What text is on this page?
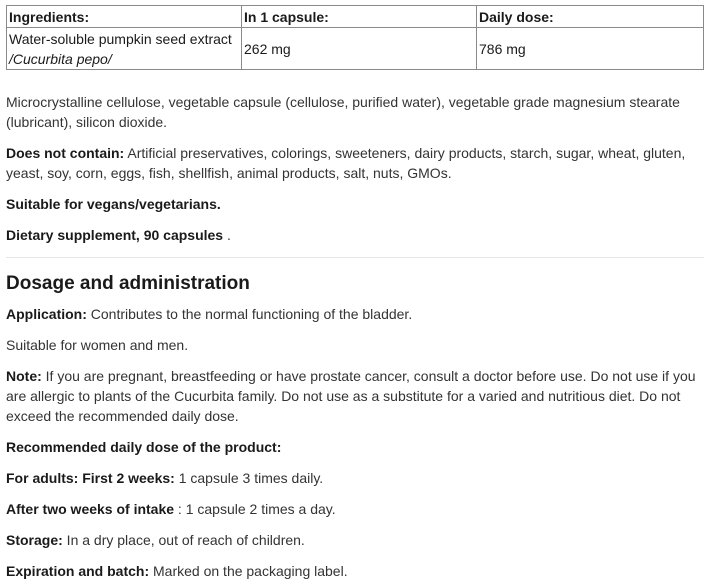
Ingredients:	In 1 capsule:	Daily dose:
Water-soluble pumpkin seed extract
/Cucurbita pepo/	262 mg	786 mg

Microcrystalline cellulose, vegetable capsule (cellulose, purified water), vegetable grade magnesium stearate (lubricant), silicon dioxide.

Does not contain: Artificial preservatives, colorings, sweeteners, dairy products, starch, sugar, wheat, gluten, yeast, soy, corn, eggs, fish, shellfish, animal products, salt, nuts, GMOs.

Suitable for vegans/vegetarians.

Dietary supplement, 90 capsules .

Dosage and administration

Application: Contributes to the normal functioning of the bladder.

Suitable for women and men.

Note: If you are pregnant, breastfeeding or have prostate cancer, consult a doctor before use. Do not use if you are allergic to plants of the Cucurbita family. Do not use as a substitute for a varied and nutritious diet. Do not exceed the recommended daily dose.

Recommended daily dose of the product:

For adults: First 2 weeks: 1 capsule 3 times daily.

After two weeks of intake : 1 capsule 2 times a day.

Storage: In a dry place, out of reach of children.

Expiration and batch: Marked on the packaging label.
